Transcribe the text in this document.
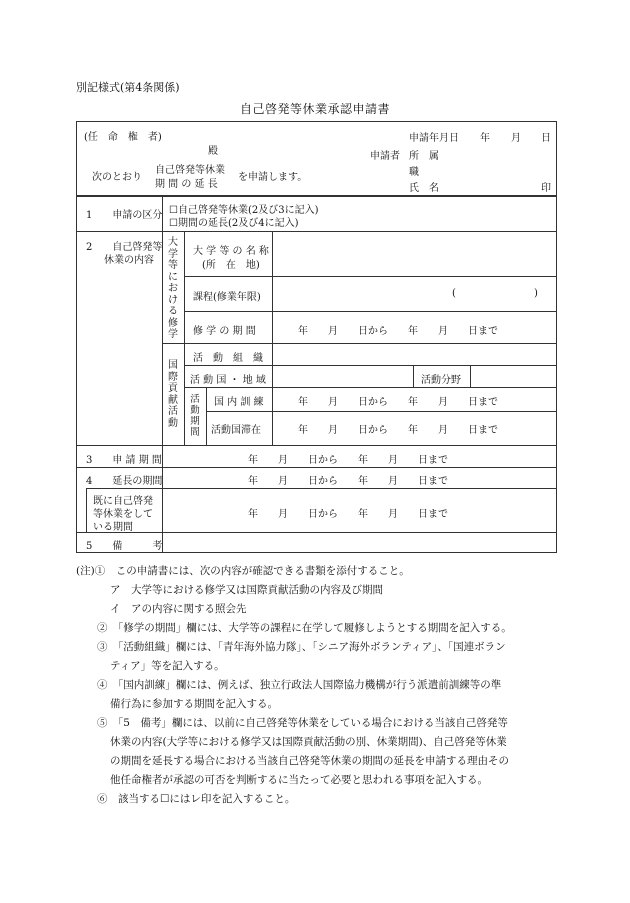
別記様式(第4条関係)
自己啓発等休業承認申請書
(任　命　権　者)
殿
次のとおり
自己啓発等休業
期 間 の 延 長
を申請します。
申請年月日 年 月 日
申請者 所　属
職
氏　名	印
1　　申請の区分 ☐自己啓発等休業(2及び3に記入)
☐期間の延長(2及び4に記入)
2　　自己啓発等
休業の内容
大学等における修学
大 学 等 の 名 称
(所　在　地)
課程(修業年限)	(	)
修 学 の 期 間	年　　月　　日から 年　　月　　日まで
国際貢献活動
活　動　組　織
活 動 国 ・ 地 域	活動分野
活動期間
国 内 訓 練	年　　月　　日から 年　　月　　日まで
活動国滞在	年　　月　　日から 年　　月　　日まで
3　　申 請 期 間	年　　月　　日から 年　　月　　日まで
4　　延長の期間	年　　月　　日から 年　　月　　日まで
既に自己啓発
等休業をして
いる期間
年　　月　　日から 年　　月　　日まで
5　　備　　　考
(注)①　この申請書には、次の内容が確認できる書類を添付すること。
ア　大学等における修学又は国際貢献活動の内容及び期間
イ　アの内容に関する照会先
②　「修学の期間」欄には、大学等の課程に在学して履修しようとする期間を記入する。
③　「活動組織」欄には、「青年海外協力隊」、「シニア海外ボランティア」、「国連ボラン
ティア」等を記入する。
④　「国内訓練」欄には、例えば、独立行政法人国際協力機構が行う派遣前訓練等の準
備行為に参加する期間を記入する。
⑤　「5　備考」欄には、以前に自己啓発等休業をしている場合における当該自己啓発等
休業の内容(大学等における修学又は国際貢献活動の別、休業期間)、自己啓発等休業
の期間を延長する場合における当該自己啓発等休業の期間の延長を申請する理由その
他任命権者が承認の可否を判断するに当たって必要と思われる事項を記入する。
⑥　該当する☐にはレ印を記入すること。
